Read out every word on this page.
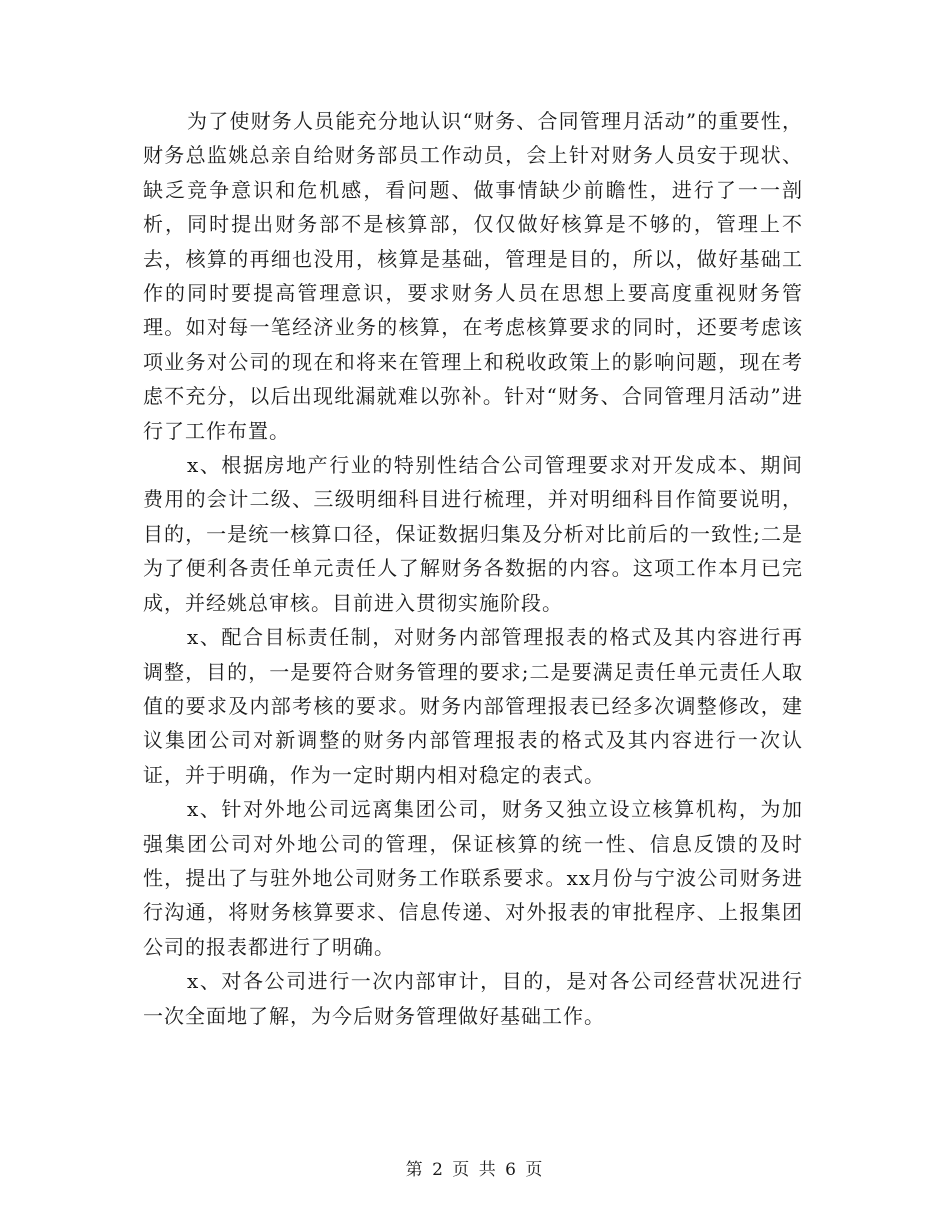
为了使财务人员能充分地认识“财务、合同管理月活动”的重要性，财务总监姚总亲自给财务部员工作动员，会上针对财务人员安于现状、缺乏竞争意识和危机感，看问题、做事情缺少前瞻性，进行了一一剖析，同时提出财务部不是核算部，仅仅做好核算是不够的，管理上不去，核算的再细也没用，核算是基础，管理是目的，所以，做好基础工作的同时要提高管理意识，要求财务人员在思想上要高度重视财务管理。如对每一笔经济业务的核算，在考虑核算要求的同时，还要考虑该项业务对公司的现在和将来在管理上和税收政策上的影响问题，现在考虑不充分，以后出现纰漏就难以弥补。针对“财务、合同管理月活动”进行了工作布置。

x、根据房地产行业的特别性结合公司管理要求对开发成本、期间费用的会计二级、三级明细科目进行梳理，并对明细科目作简要说明，目的，一是统一核算口径，保证数据归集及分析对比前后的一致性;二是为了便利各责任单元责任人了解财务各数据的内容。这项工作本月已完成，并经姚总审核。目前进入贯彻实施阶段。

x、配合目标责任制，对财务内部管理报表的格式及其内容进行再调整，目的，一是要符合财务管理的要求;二是要满足责任单元责任人取值的要求及内部考核的要求。财务内部管理报表已经多次调整修改，建议集团公司对新调整的财务内部管理报表的格式及其内容进行一次认证，并于明确，作为一定时期内相对稳定的表式。

x、针对外地公司远离集团公司，财务又独立设立核算机构，为加强集团公司对外地公司的管理，保证核算的统一性、信息反馈的及时性，提出了与驻外地公司财务工作联系要求。xx月份与宁波公司财务进行沟通，将财务核算要求、信息传递、对外报表的审批程序、上报集团公司的报表都进行了明确。

x、对各公司进行一次内部审计，目的，是对各公司经营状况进行一次全面地了解，为今后财务管理做好基础工作。

第 2 页 共 6 页
